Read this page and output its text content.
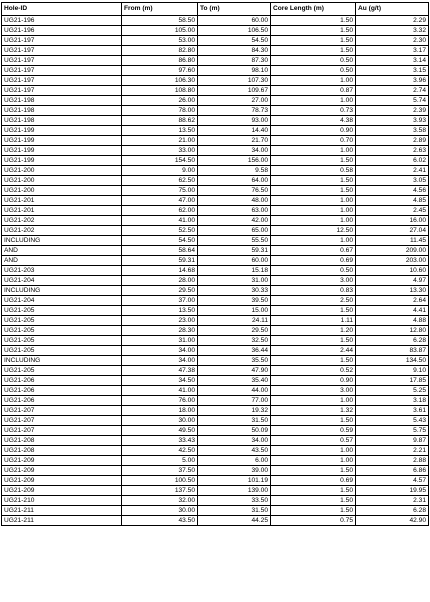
Hole-ID	From (m)	To (m)	Core Length (m)	Au (g/t)
UG21-196	58.50	60.00	1.50	2.29
UG21-196	105.00	106.50	1.50	3.32
UG21-197	53.00	54.50	1.50	2.30
UG21-197	82.80	84.30	1.50	3.17
UG21-197	86.80	87.30	0.50	3.14
UG21-197	97.60	98.10	0.50	3.15
UG21-197	106.30	107.30	1.00	3.96
UG21-197	108.80	109.67	0.87	2.74
UG21-198	26.00	27.00	1.00	5.74
UG21-198	78.00	78.73	0.73	2.39
UG21-198	88.62	93.00	4.38	3.93
UG21-199	13.50	14.40	0.90	3.58
UG21-199	21.00	21.70	0.70	2.89
UG21-199	33.00	34.00	1.00	2.63
UG21-199	154.50	156.00	1.50	6.02
UG21-200	9.00	9.58	0.58	2.41
UG21-200	62.50	64.00	1.50	3.05
UG21-200	75.00	76.50	1.50	4.56
UG21-201	47.00	48.00	1.00	4.85
UG21-201	62.00	63.00	1.00	2.45
UG21-202	41.00	42.00	1.00	16.00
UG21-202	52.50	65.00	12.50	27.04
INCLUDING	54.50	55.50	1.00	11.45
AND	58.64	59.31	0.67	209.00
AND	59.31	60.00	0.69	203.00
UG21-203	14.68	15.18	0.50	10.60
UG21-204	28.00	31.00	3.00	4.97
INCLUDING	29.50	30.33	0.83	13.30
UG21-204	37.00	39.50	2.50	2.64
UG21-205	13.50	15.00	1.50	4.41
UG21-205	23.00	24.11	1.11	4.88
UG21-205	28.30	29.50	1.20	12.80
UG21-205	31.00	32.50	1.50	6.28
UG21-205	34.00	36.44	2.44	83.87
INCLUDING	34.00	35.50	1.50	134.50
UG21-205	47.38	47.90	0.52	9.10
UG21-206	34.50	35.40	0.90	17.85
UG21-206	41.00	44.00	3.00	5.25
UG21-206	76.00	77.00	1.00	3.18
UG21-207	18.00	19.32	1.32	3.61
UG21-207	30.00	31.50	1.50	5.43
UG21-207	49.50	50.09	0.59	5.75
UG21-208	33.43	34.00	0.57	9.87
UG21-208	42.50	43.50	1.00	2.21
UG21-209	5.00	6.00	1.00	2.88
UG21-209	37.50	39.00	1.50	6.86
UG21-209	100.50	101.19	0.69	4.57
UG21-209	137.50	139.00	1.50	19.95
UG21-210	32.00	33.50	1.50	2.31
UG21-211	30.00	31.50	1.50	6.28
UG21-211	43.50	44.25	0.75	42.90
